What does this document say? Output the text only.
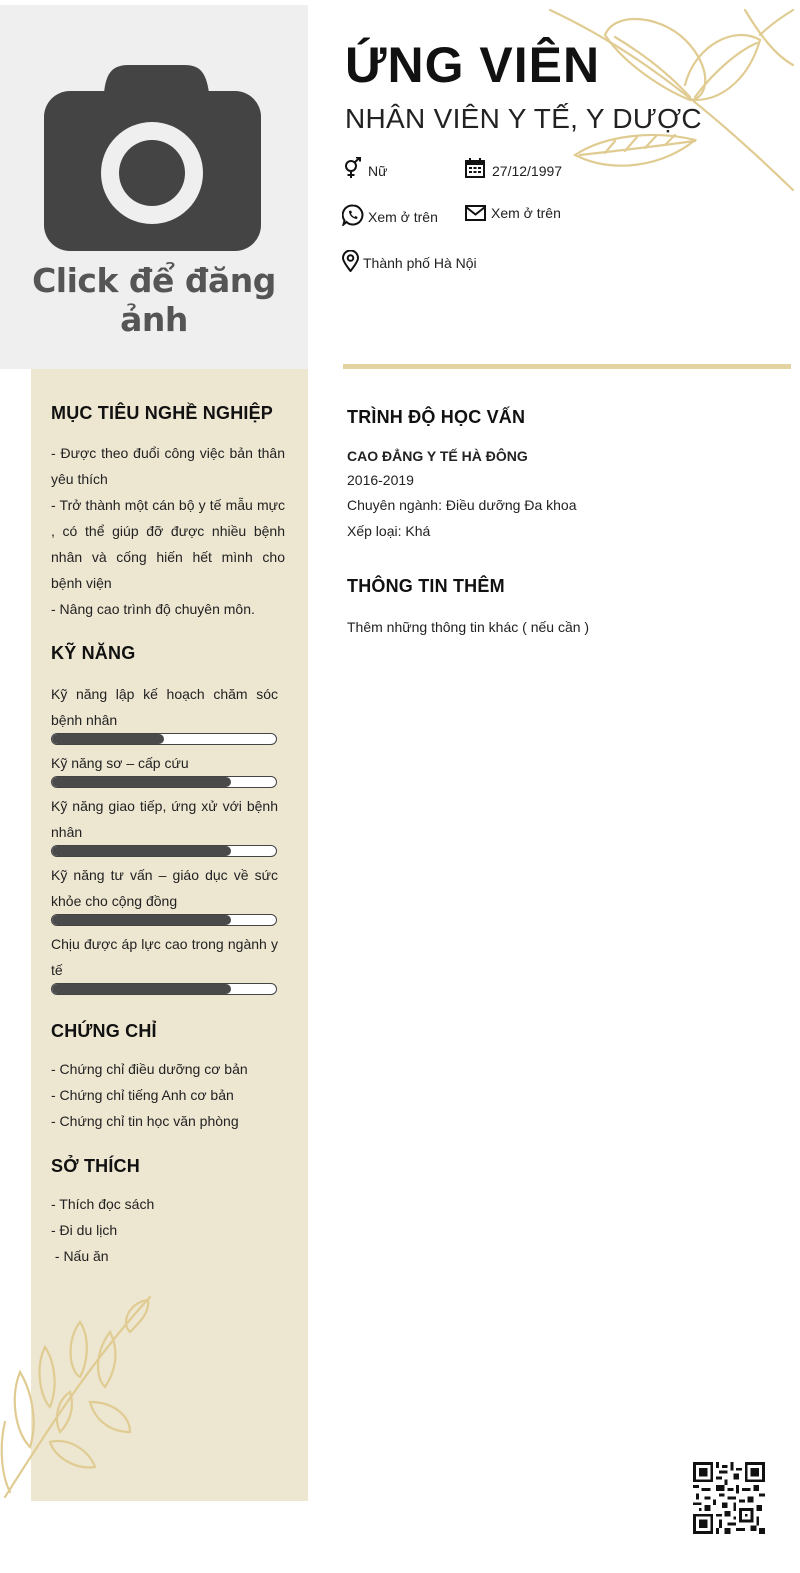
Click để đăng ảnh
MỤC TIÊU NGHỀ NGHIỆP
- Được theo đuổi công việc bản thân yêu thích
- Trở thành một cán bộ y tế mẫu mực , có thể giúp đỡ được nhiều bệnh nhân và cống hiến hết mình cho bệnh viện
- Nâng cao trình độ chuyên môn.
KỸ NĂNG
Kỹ năng lập kế hoạch chăm sóc bệnh nhân
Kỹ năng sơ – cấp cứu
Kỹ năng giao tiếp, ứng xử với bệnh nhân
Kỹ năng tư vấn – giáo dục về sức khỏe cho cộng đồng
Chịu được áp lực cao trong ngành y tế
CHỨNG CHỈ
- Chứng chỉ điều dưỡng cơ bản
- Chứng chỉ tiếng Anh cơ bản
- Chứng chỉ tin học văn phòng
SỞ THÍCH
- Thích đọc sách
- Đi du lịch
- Nấu ăn
ỨNG VIÊN
NHÂN VIÊN Y TẾ, Y DƯỢC
Nữ	27/12/1997
Xem ở trên	Xem ở trên
Thành phố Hà Nội
TRÌNH ĐỘ HỌC VẤN
CAO ĐẲNG Y TẾ HÀ ĐÔNG
2016-2019
Chuyên ngành: Điều dưỡng Đa khoa
Xếp loại: Khá
THÔNG TIN THÊM
Thêm những thông tin khác ( nếu cần )
